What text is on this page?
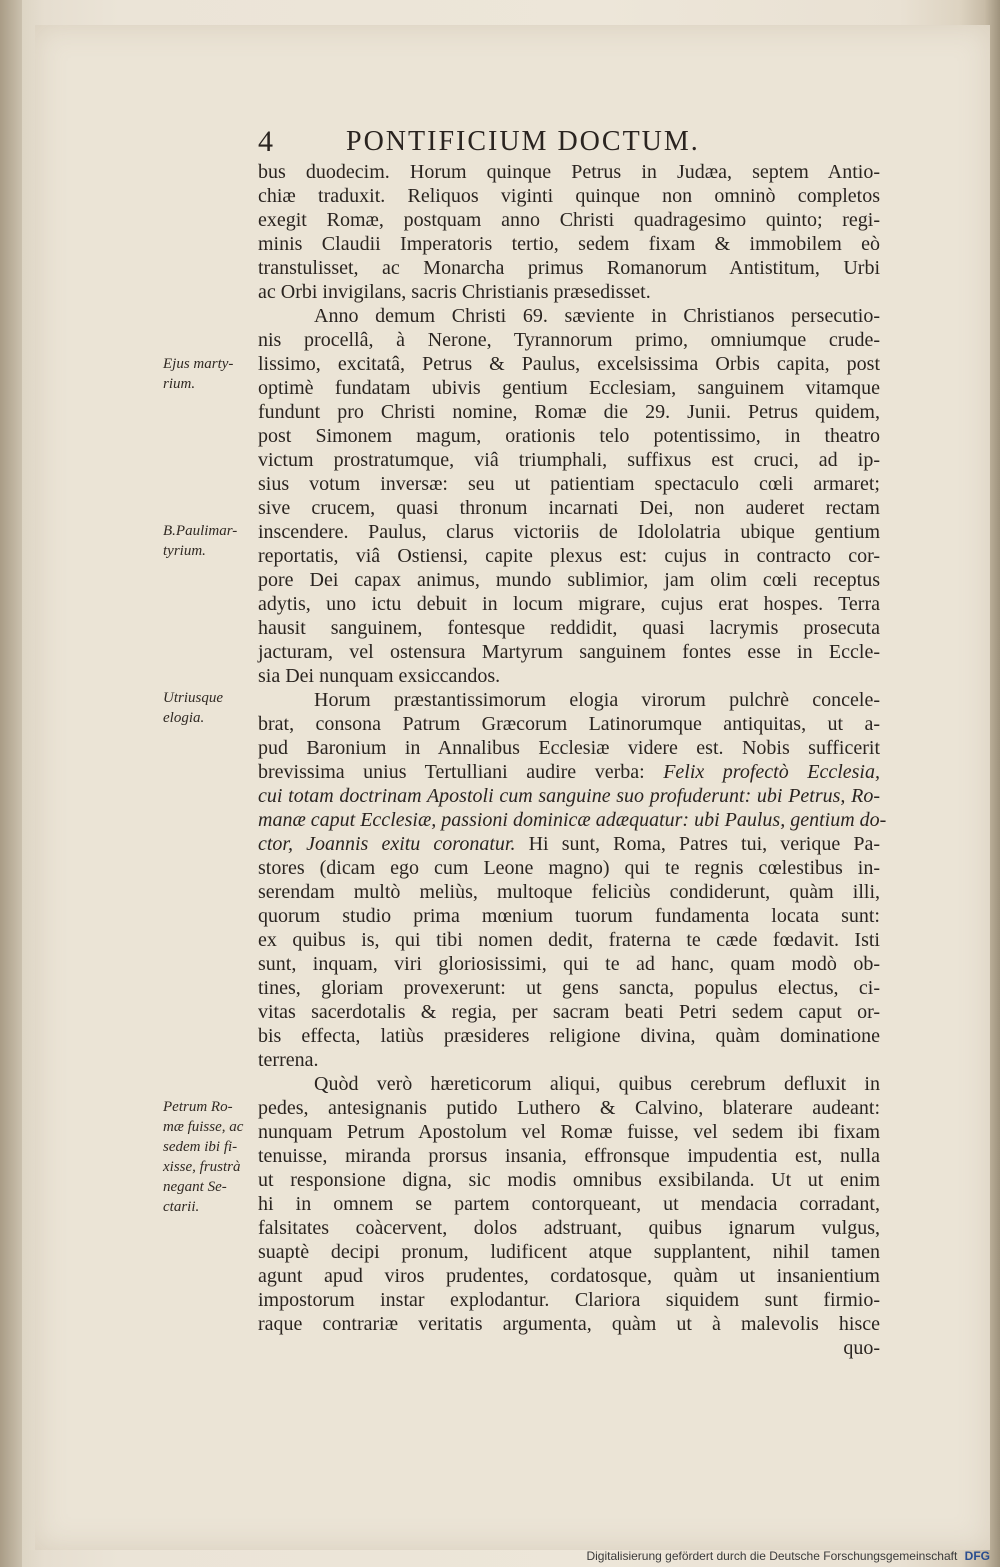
4	PONTIFICIUM DOCTUM.
Ejus marty-
rium.
B.Paulimar-
tyrium.
Utriusque
elogia.
Petrum Ro-
mæ fuisse, ac
sedem ibi fi-
xisse, frustrà
negant Se-
ctarii.
bus duodecim. Horum quinque Petrus in Judæa, septem Antio-
chiæ traduxit. Reliquos viginti quinque non omninò completos
exegit Romæ, postquam anno Christi quadragesimo quinto; regi-
minis Claudii Imperatoris tertio, sedem fixam & immobilem eò
transtulisset, ac Monarcha primus Romanorum Antistitum, Urbi
ac Orbi invigilans, sacris Christianis præsedisset.
Anno demum Christi 69. sæviente in Christianos persecutio-
nis procellâ, à Nerone, Tyrannorum primo, omniumque crude-
lissimo, excitatâ, Petrus & Paulus, excelsissima Orbis capita, post
optimè fundatam ubivis gentium Ecclesiam, sanguinem vitamque
fundunt pro Christi nomine, Romæ die 29. Junii. Petrus quidem,
post Simonem magum, orationis telo potentissimo, in theatro
victum prostratumque, viâ triumphali, suffixus est cruci, ad ip-
sius votum inversæ: seu ut patientiam spectaculo cœli armaret;
sive crucem, quasi thronum incarnati Dei, non auderet rectam
inscendere. Paulus, clarus victoriis de Idololatria ubique gentium
reportatis, viâ Ostiensi, capite plexus est: cujus in contracto cor-
pore Dei capax animus, mundo sublimior, jam olim cœli receptus
adytis, uno ictu debuit in locum migrare, cujus erat hospes. Terra
hausit sanguinem, fontesque reddidit, quasi lacrymis prosecuta
jacturam, vel ostensura Martyrum sanguinem fontes esse in Eccle-
sia Dei nunquam exsiccandos.
Horum præstantissimorum elogia virorum pulchrè concele-
brat, consona Patrum Græcorum Latinorumque antiquitas, ut a-
pud Baronium in Annalibus Ecclesiæ videre est. Nobis sufficerit
brevissima unius Tertulliani audire verba: Felix profectò Ecclesia,
cui totam doctrinam Apostoli cum sanguine suo profuderunt: ubi Petrus, Ro-
manæ caput Ecclesiæ, passioni dominicæ adæquatur: ubi Paulus, gentium do-
ctor, Joannis exitu coronatur. Hi sunt, Roma, Patres tui, verique Pa-
stores (dicam ego cum Leone magno) qui te regnis cœlestibus in-
serendam multò meliùs, multoque feliciùs condiderunt, quàm illi,
quorum studio prima mœnium tuorum fundamenta locata sunt:
ex quibus is, qui tibi nomen dedit, fraterna te cæde fœdavit. Isti
sunt, inquam, viri gloriosissimi, qui te ad hanc, quam modò ob-
tines, gloriam provexerunt: ut gens sancta, populus electus, ci-
vitas sacerdotalis & regia, per sacram beati Petri sedem caput or-
bis effecta, latiùs præsideres religione divina, quàm dominatione
terrena.
Quòd verò hæreticorum aliqui, quibus cerebrum defluxit in
pedes, antesignanis putido Luthero & Calvino, blaterare audeant:
nunquam Petrum Apostolum vel Romæ fuisse, vel sedem ibi fixam
tenuisse, miranda prorsus insania, effronsque impudentia est, nulla
ut responsione digna, sic modis omnibus exsibilanda. Ut ut enim
hi in omnem se partem contorqueant, ut mendacia corradant,
falsitates coàcervent, dolos adstruant, quibus ignarum vulgus,
suaptè decipi pronum, ludificent atque supplantent, nihil tamen
agunt apud viros prudentes, cordatosque, quàm ut insanientium
impostorum instar explodantur. Clariora siquidem sunt firmio-
raque contrariæ veritatis argumenta, quàm ut à malevolis hisce
quo-
Digitalisierung gefördert durch die Deutsche Forschungsgemeinschaft DFG
